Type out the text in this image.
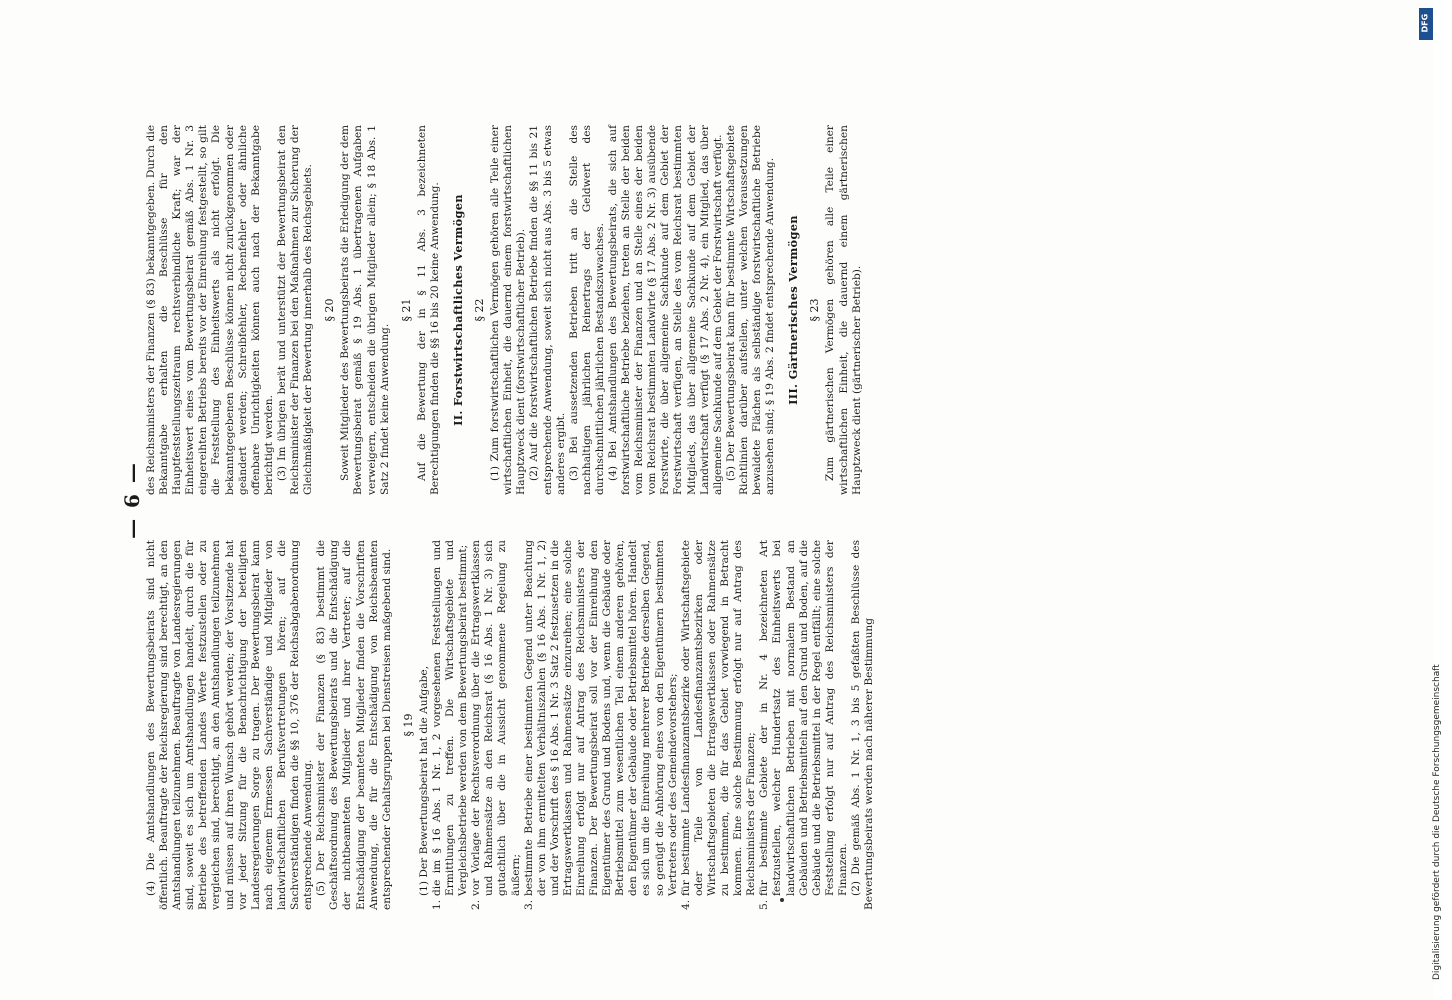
— 6 —

(4) Die Amtshandlungen des Bewertungsbeirats sind nicht öffentlich. Beauftragte der Reichsregierung sind berechtigt, an den Amtshandlungen teilzunehmen. Beauftragte von Landesregierungen sind, soweit es sich um Amtshandlungen handelt, durch die für Betriebe des betreffenden Landes Werte festzustellen oder zu vergleichen sind, berechtigt, an den Amtshandlungen teilzunehmen und müssen auf ihren Wunsch gehört werden; der Vorsitzende hat vor jeder Sitzung für die Benachrichtigung der beteiligten Landesregierungen Sorge zu tragen. Der Bewertungsbeirat kann nach eigenem Ermessen Sachverständige und Mitglieder von landwirtschaftlichen Berufsvertretungen hören; auf die Sachverständigen finden die §§ 10, 376 der Reichsabgabenordnung entsprechende Anwendung. (5) Der Reichsminister der Finanzen (§ 83) bestimmt die Geschäftsordnung des Bewertungsbeirats und die Entschädigung der nichtbeamteten Mitglieder und ihrer Vertreter; auf die Entschädigung der beamteten Mitglieder finden die Vorschriften Anwendung, die für die Entschädigung von Reichsbeamten entsprechender Gehaltsgruppen bei Dienstreisen maßgebend sind. § 19 (1) Der Bewertungsbeirat hat die Aufgabe,

1.
die im § 16 Abs. 1 Nr. 1, 2 vorgesehenen Feststellungen und Ermittlungen zu treffen. Die Wirtschaftsgebiete und Vergleichsbetriebe werden von dem Bewertungsbeirat bestimmt;
2.
vor Vorlage der Rechtsverordnung über die Ertragswertklassen und Rahmensätze an den Reichsrat (§ 16 Abs. 1 Nr. 3) sich gutachtlich über die in Aussicht genommene Regelung zu äußern;
3.
bestimmte Betriebe einer bestimmten Gegend unter Beachtung der von ihm ermittelten Verhältniszahlen (§ 16 Abs. 1 Nr. 1, 2) und der Vorschrift des § 16 Abs. 1 Nr. 3 Satz 2 festzusetzen in die Ertragswertklassen und Rahmensätze einzureihen; eine solche Einreihung erfolgt nur auf Antrag des Reichsministers der Finanzen. Der Bewertungsbeirat soll vor der Einreihung den Eigentümer des Grund und Bodens und, wenn die Gebäude oder Betriebsmittel zum wesentlichen Teil einem anderen gehören, den Eigentümer der Gebäude oder Betriebsmittel hören. Handelt es sich um die Einreihung mehrerer Betriebe derselben Gegend, so genügt die Anhörung eines von den Eigentümern bestimmten Vertreters oder des Gemeindevorstehers;
4.
für bestimmte Landesfinanzamtsbezirke oder Wirtschaftsgebiete oder Teile von Landesfinanzamtsbezirken oder Wirtschaftsgebieten die Ertragswertklassen oder Rahmensätze zu bestimmen, die für das Gebiet vorwiegend in Betracht kommen. Eine solche Bestimmung erfolgt nur auf Antrag des Reichsministers der Finanzen;
5.
für bestimmte Gebiete der in Nr. 4 bezeichneten Art festzustellen, welcher Hundertsatz des Einheitswerts bei landwirtschaftlichen Betrieben mit normalem Bestand an Gebäuden und Betriebsmitteln auf den Grund und Boden, auf die Gebäude und die Betriebsmittel in der Regel entfällt; eine solche Feststellung erfolgt nur auf Antrag des Reichsministers der Finanzen. (2) Die gemäß Abs. 1 Nr. 1, 3 bis 5 gefaßten Beschlüsse des Bewertungsbeirats werden nach näherer Bestimmung

des Reichsministers der Finanzen (§ 83) bekanntgegeben. Durch die Bekanntgabe erhalten die Beschlüsse für den Hauptfeststellungszeitraum rechtsverbindliche Kraft; war der Einheitswert eines vom Bewertungsbeirat gemäß Abs. 1 Nr. 3 eingereihten Betriebs bereits vor der Einreihung festgestellt, so gilt die Feststellung des Einheitswerts als nicht erfolgt. Die bekanntgegebenen Beschlüsse können nicht zurückgenommen oder geändert werden; Schreibfehler, Rechenfehler oder ähnliche offenbare Unrichtigkeiten können auch nach der Bekanntgabe berichtigt werden. (3) Im übrigen berät und unterstützt der Bewertungsbeirat den Reichsminister der Finanzen bei den Maßnahmen zur Sicherung der Gleichmäßigkeit der Bewertung innerhalb des Reichsgebiets. § 20 Soweit Mitglieder des Bewertungsbeirats die Erledigung der dem Bewertungsbeirat gemäß § 19 Abs. 1 übertragenen Aufgaben verweigern, entscheiden die übrigen Mitglieder allein; § 18 Abs. 1 Satz 2 findet keine Anwendung.

§ 21 Auf die Bewertung der in § 11 Abs. 3 bezeichneten Berechtigungen finden die §§ 16 bis 20 keine Anwendung. II. Forstwirtschaftliches Vermögen § 22 (1) Zum forstwirtschaftlichen Vermögen gehören alle Teile einer wirtschaftlichen Einheit, die dauernd einem forstwirtschaftlichen Hauptzweck dient (forstwirtschaftlicher Betrieb). (2) Auf die forstwirtschaftlichen Betriebe finden die §§ 11 bis 21 entsprechende Anwendung, soweit sich nicht aus Abs. 3 bis 5 etwas anderes ergibt. (3) Bei aussetzenden Betrieben tritt an die Stelle des nachhaltigen jährlichen Reinertrags der Geldwert des durchschnittlichen jährlichen Bestandszuwachses. (4) Bei Amtshandlungen des Bewertungsbeirats, die sich auf forstwirtschaftliche Betriebe beziehen, treten an Stelle der beiden vom Reichsminister der Finanzen und an Stelle eines der beiden vom Reichsrat bestimmten Landwirte (§ 17 Abs. 2 Nr. 3) ausübende Forstwirte, die über allgemeine Sachkunde auf dem Gebiet der Forstwirtschaft verfügen, an Stelle des vom Reichsrat bestimmten Mitglieds, das über allgemeine Sachkunde auf dem Gebiet der Landwirtschaft verfügt (§ 17 Abs. 2 Nr. 4), ein Mitglied, das über allgemeine Sachkunde auf dem Gebiet der Forstwirtschaft verfügt. (5) Der Bewertungsbeirat kann für bestimmte Wirtschaftsgebiete Richtlinien darüber aufstellen, unter welchen Voraussetzungen bewaldete Flächen als selbständige forstwirtschaftliche Betriebe anzusehen sind; § 19 Abs. 2 findet entsprechende Anwendung. III. Gärtnerisches Vermögen § 23 Zum gärtnerischen Vermögen gehören alle Teile einer wirtschaftlichen Einheit, die dauernd einem gärtnerischen Hauptzweck dient (gärtnerischer Betrieb).

DFG
Digitalisierung gefördert durch die Deutsche Forschungsgemeinschaft
